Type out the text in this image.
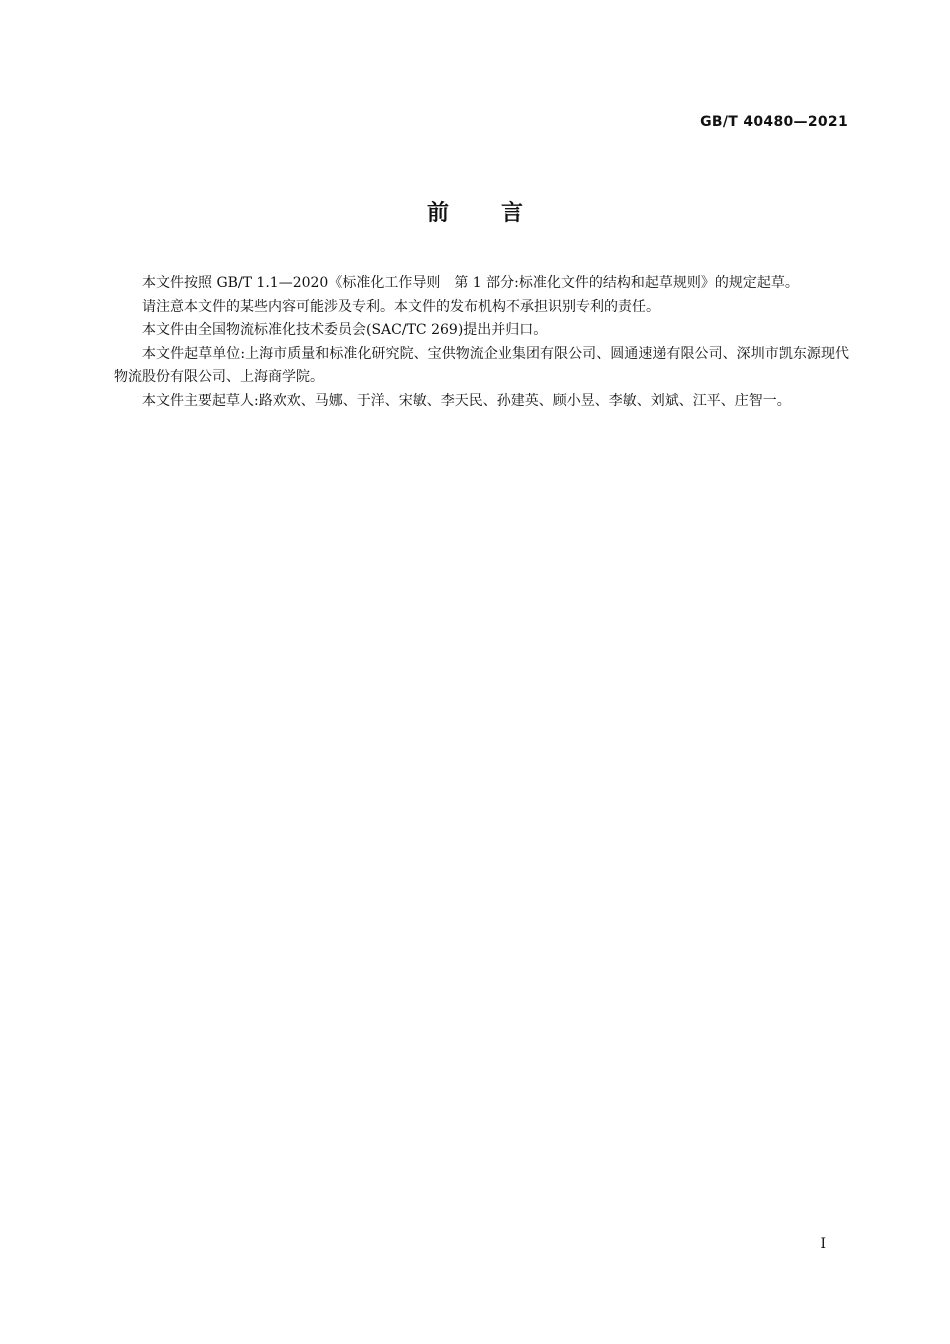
GB/T 40480—2021
前言

本文件按照 GB/T 1.1—2020《标准化工作导则　第 1 部分:标准化文件的结构和起草规则》的规定起草。

请注意本文件的某些内容可能涉及专利。本文件的发布机构不承担识别专利的责任。

本文件由全国物流标准化技术委员会(SAC/TC 269)提出并归口。

本文件起草单位:上海市质量和标准化研究院、宝供物流企业集团有限公司、圆通速递有限公司、深圳市凯东源现代物流股份有限公司、上海商学院。

本文件主要起草人:路欢欢、马娜、于洋、宋敏、李天民、孙建英、顾小昱、李敏、刘斌、江平、庄智一。

I
